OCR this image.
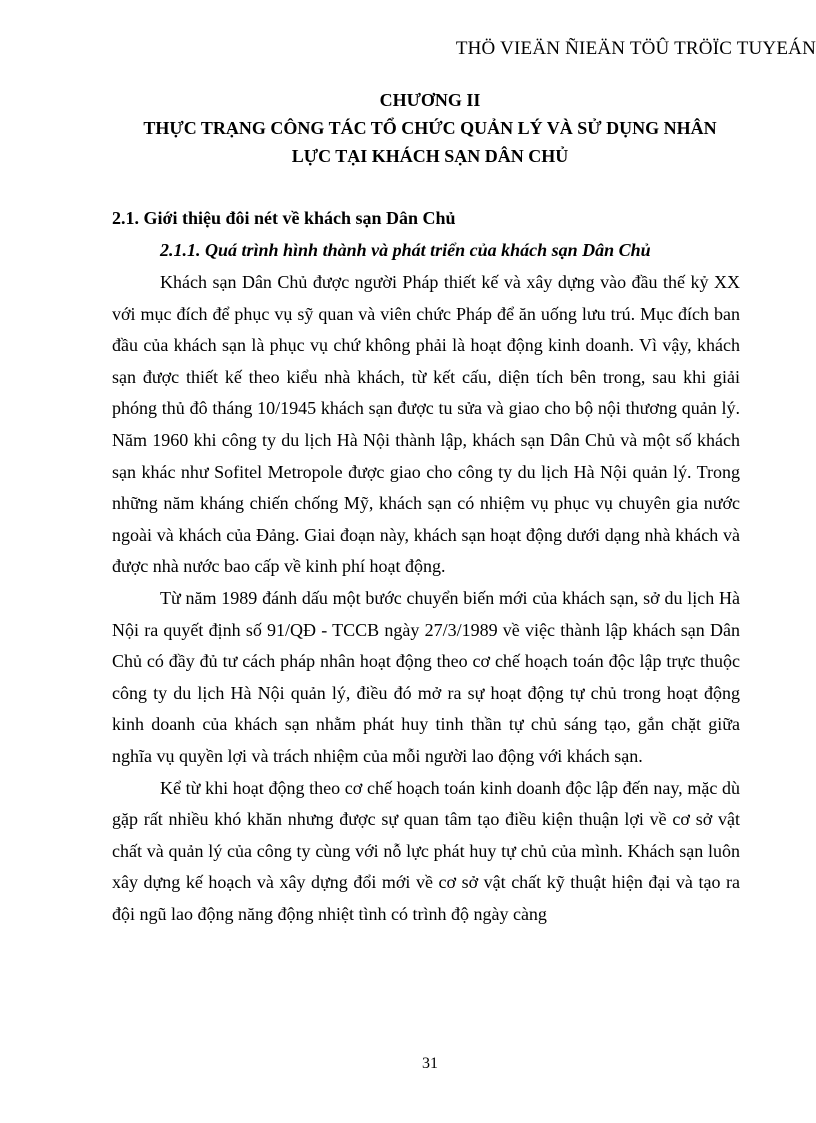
THÖ VIEÄN ÑIEÄN TÖÛ TRÖÏC TUYEÁN
CHƯƠNG II
THỰC TRẠNG CÔNG TÁC TỔ CHỨC QUẢN LÝ VÀ SỬ DỤNG NHÂN
LỰC TẠI KHÁCH SẠN DÂN CHỦ
2.1. Giới thiệu đôi nét về khách sạn Dân Chủ
2.1.1. Quá trình hình thành và phát triển của khách sạn Dân Chủ

Khách sạn Dân Chủ được người Pháp thiết kế và xây dựng vào đầu thế kỷ XX với mục đích để phục vụ sỹ quan và viên chức Pháp để ăn uống lưu trú. Mục đích ban đầu của khách sạn là phục vụ chứ không phải là hoạt động kinh doanh. Vì vậy, khách sạn được thiết kế theo kiểu nhà khách, từ kết cấu, diện tích bên trong, sau khi giải phóng thủ đô tháng 10/1945 khách sạn được tu sửa và giao cho bộ nội thương quản lý. Năm 1960 khi công ty du lịch Hà Nội thành lập, khách sạn Dân Chủ và một số khách sạn khác như Sofitel Metropole được giao cho công ty du lịch Hà Nội quản lý. Trong những năm kháng chiến chống Mỹ, khách sạn có nhiệm vụ phục vụ chuyên gia nước ngoài và khách của Đảng. Giai đoạn này, khách sạn hoạt động dưới dạng nhà khách và được nhà nước bao cấp về kinh phí hoạt động.

Từ năm 1989 đánh dấu một bước chuyển biến mới của khách sạn, sở du lịch Hà Nội ra quyết định số 91/QĐ - TCCB ngày 27/3/1989 về việc thành lập khách sạn Dân Chủ có đầy đủ tư cách pháp nhân hoạt động theo cơ chế hoạch toán độc lập trực thuộc công ty du lịch Hà Nội quản lý, điều đó mở ra sự hoạt động tự chủ trong hoạt động kinh doanh của khách sạn nhằm phát huy tinh thần tự chủ sáng tạo, gắn chặt giữa nghĩa vụ quyền lợi và trách nhiệm của mỗi người lao động với khách sạn.

Kể từ khi hoạt động theo cơ chế hoạch toán kinh doanh độc lập đến nay, mặc dù gặp rất nhiều khó khăn nhưng được sự quan tâm tạo điều kiện thuận lợi về cơ sở vật chất và quản lý của công ty cùng với nỗ lực phát huy tự chủ của mình. Khách sạn luôn xây dựng kế hoạch và xây dựng đổi mới về cơ sở vật chất kỹ thuật hiện đại và tạo ra đội ngũ lao động năng động nhiệt tình có trình độ ngày càng

31
